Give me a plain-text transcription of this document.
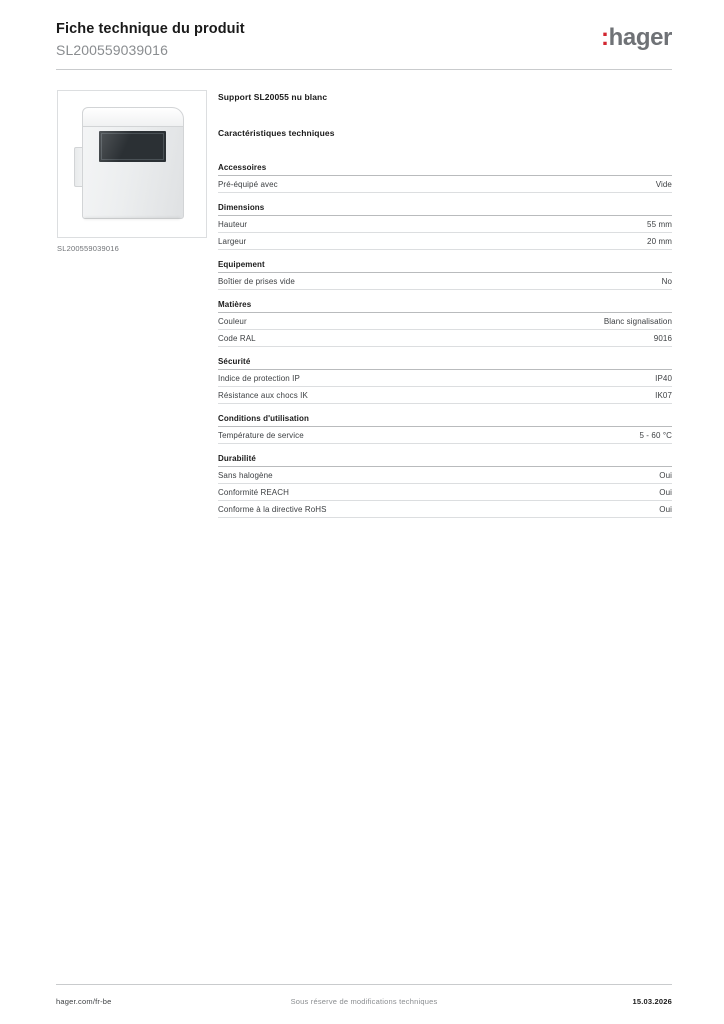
Fiche technique du produit
SL200559039016	:hager
SL200559039016
Support SL20055 nu blanc
Caractéristiques techniques
Accessoires
Pré-équipé avec	Vide
Dimensions
Hauteur	55 mm
Largeur	20 mm
Equipement
Boîtier de prises vide	No
Matières
Couleur	Blanc signalisation
Code RAL	9016
Sécurité
Indice de protection IP	IP40
Résistance aux chocs IK	IK07
Conditions d'utilisation
Température de service	5 - 60 °C
Durabilité
Sans halogène	Oui
Conformité REACH	Oui
Conforme à la directive RoHS	Oui
hager.com/fr-be	Sous réserve de modifications techniques	15.03.2026
